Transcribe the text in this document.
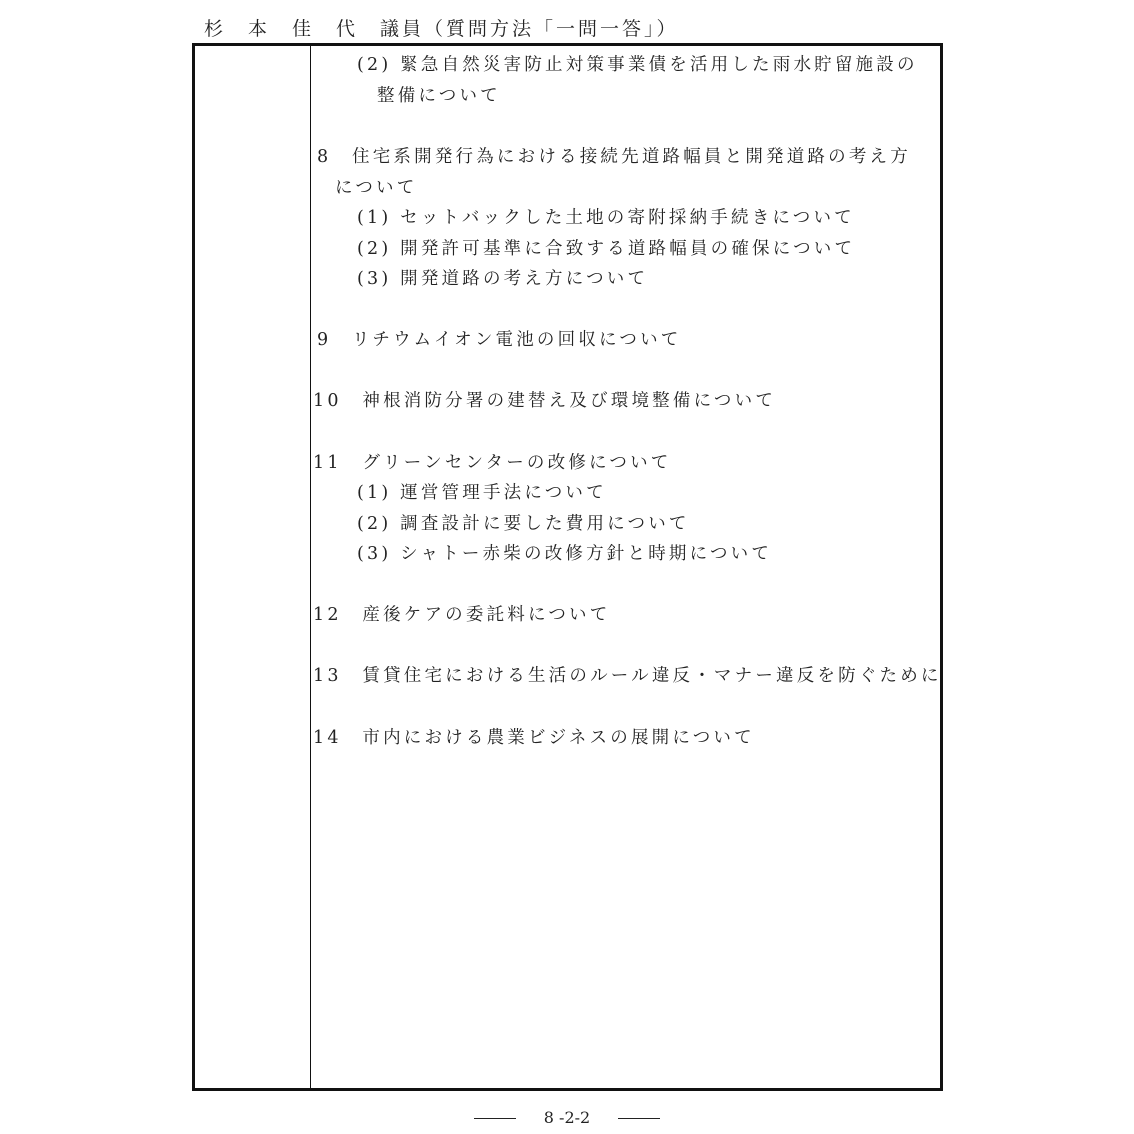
杉　本　佳　代　議員（質問方法「一問一答」）
(2) 緊急自然災害防止対策事業債を活用した雨水貯留施設の
整備について
8　住宅系開発行為における接続先道路幅員と開発道路の考え方
について
(1) セットバックした土地の寄附採納手続きについて
(2) 開発許可基準に合致する道路幅員の確保について
(3) 開発道路の考え方について
9　リチウムイオン電池の回収について
10　神根消防分署の建替え及び環境整備について
11　グリーンセンターの改修について
(1) 運営管理手法について
(2) 調査設計に要した費用について
(3) シャトー赤柴の改修方針と時期について
12　産後ケアの委託料について
13　賃貸住宅における生活のルール違反・マナー違反を防ぐために
14　市内における農業ビジネスの展開について
8 -2-2
